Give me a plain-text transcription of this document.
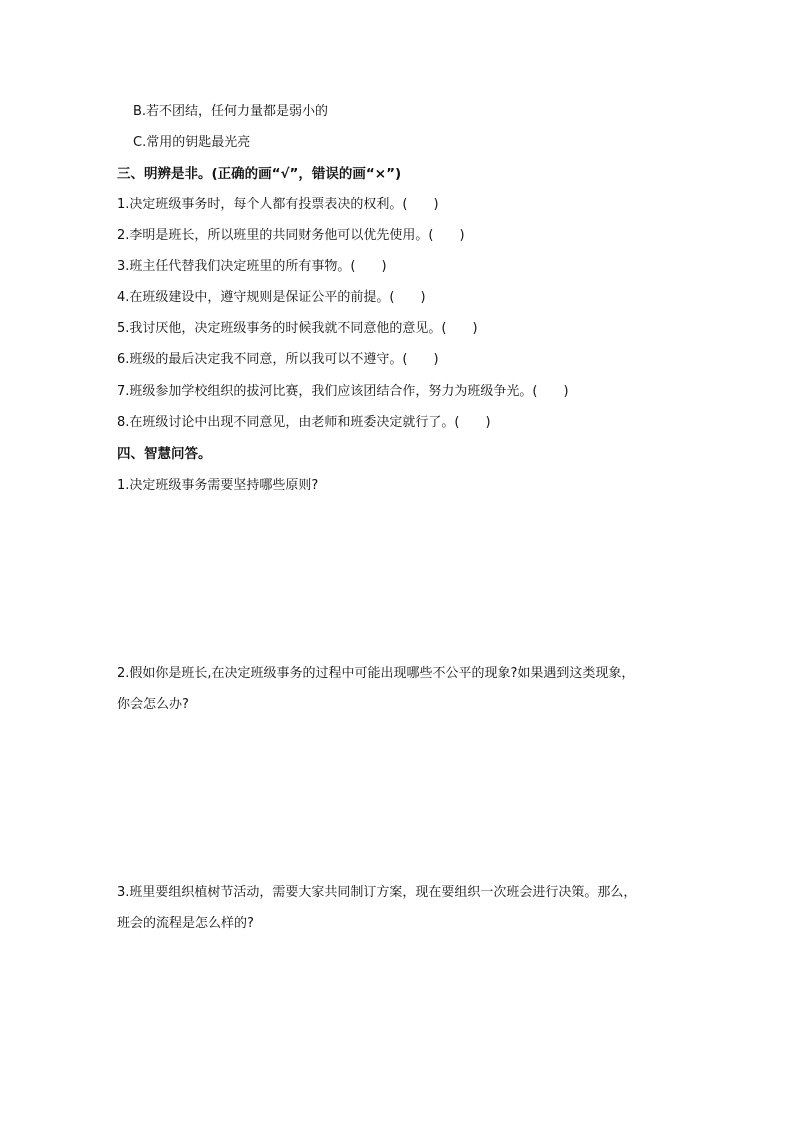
B.若不团结，任何力量都是弱小的
C.常用的钥匙最光亮
三、明辨是非。(正确的画“√”，错误的画“×”)
1.决定班级事务时，每个人都有投票表决的权利。(　　)
2.李明是班长，所以班里的共同财务他可以优先使用。(　　)
3.班主任代替我们决定班里的所有事物。(　　)
4.在班级建设中，遵守规则是保证公平的前提。(　　)
5.我讨厌他，决定班级事务的时候我就不同意他的意见。(　　)
6.班级的最后决定我不同意，所以我可以不遵守。(　　)
7.班级参加学校组织的拔河比赛，我们应该团结合作，努力为班级争光。(　　)
8.在班级讨论中出现不同意见，由老师和班委决定就行了。(　　)
四、智慧问答。
1.决定班级事务需要坚持哪些原则?
2.假如你是班长,在决定班级事务的过程中可能出现哪些不公平的现象?如果遇到这类现象，
你会怎么办?
3.班里要组织植树节活动，需要大家共同制订方案，现在要组织一次班会进行决策。那么，
班会的流程是怎么样的?
